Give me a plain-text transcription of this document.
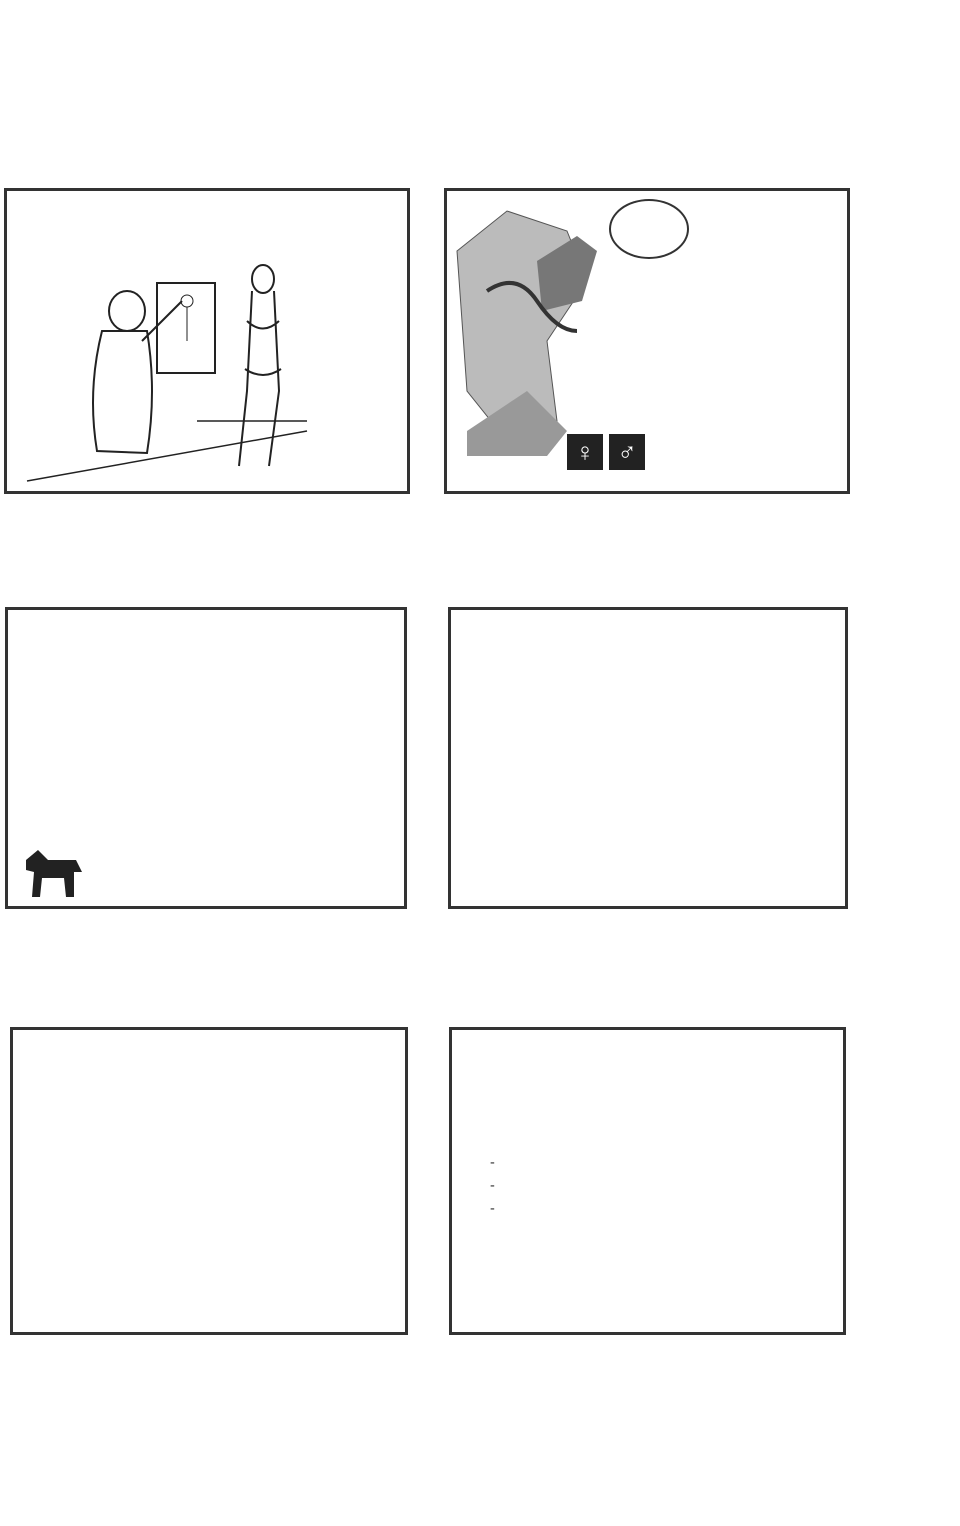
♀ ♂
-
-
-
